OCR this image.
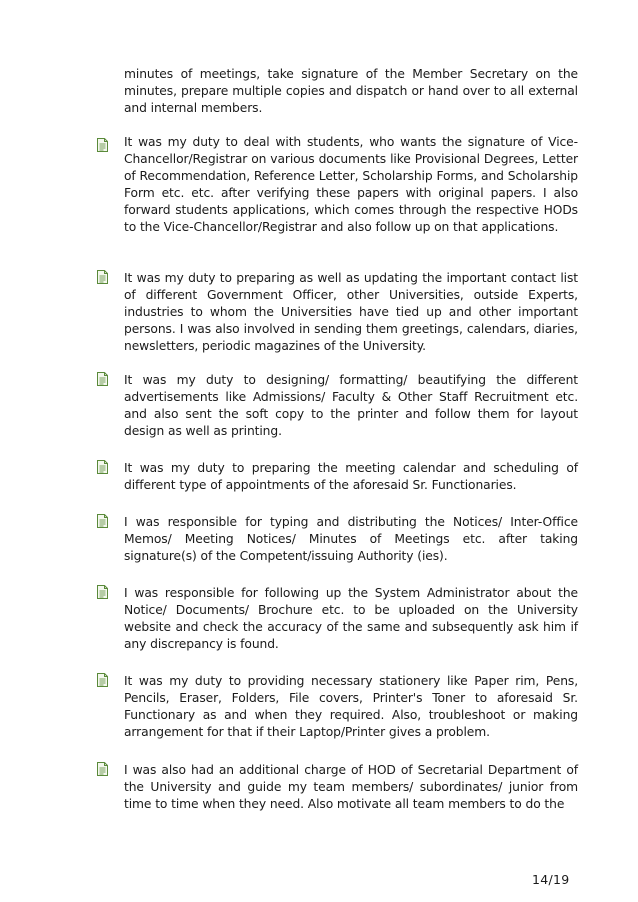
minutes of meetings, take signature of the Member Secretary on the minutes, prepare multiple copies and dispatch or hand over to all external and internal members.
It was my duty to deal with students, who wants the signature of Vice-Chancellor/Registrar on various documents like Provisional Degrees, Letter of Recommendation, Reference Letter, Scholarship Forms, and Scholarship Form etc. etc. after verifying these papers with original papers. I also forward students applications, which comes through the respective HODs to the Vice-Chancellor/Registrar and also follow up on that applications.
It was my duty to preparing as well as updating the important contact list of different Government Officer, other Universities, outside Experts, industries to whom the Universities have tied up and other important persons. I was also involved in sending them greetings, calendars, diaries, newsletters, periodic magazines of the University.
It was my duty to designing/ formatting/ beautifying the different advertisements like Admissions/ Faculty & Other Staff Recruitment etc. and also sent the soft copy to the printer and follow them for layout design as well as printing.
It was my duty to preparing the meeting calendar and scheduling of different type of appointments of the aforesaid Sr. Functionaries.
I was responsible for typing and distributing the Notices/ Inter-Office Memos/ Meeting Notices/ Minutes of Meetings etc. after taking signature(s) of the Competent/issuing Authority (ies).
I was responsible for following up the System Administrator about the Notice/ Documents/ Brochure etc. to be uploaded on the University website and check the accuracy of the same and subsequently ask him if any discrepancy is found.
It was my duty to providing necessary stationery like Paper rim, Pens, Pencils, Eraser, Folders, File covers, Printer's Toner to aforesaid Sr. Functionary as and when they required. Also, troubleshoot or making arrangement for that if their Laptop/Printer gives a problem.
I was also had an additional charge of HOD of Secretarial Department of the University and guide my team members/ subordinates/ junior from time to time when they need. Also motivate all team members to do the
14/19
